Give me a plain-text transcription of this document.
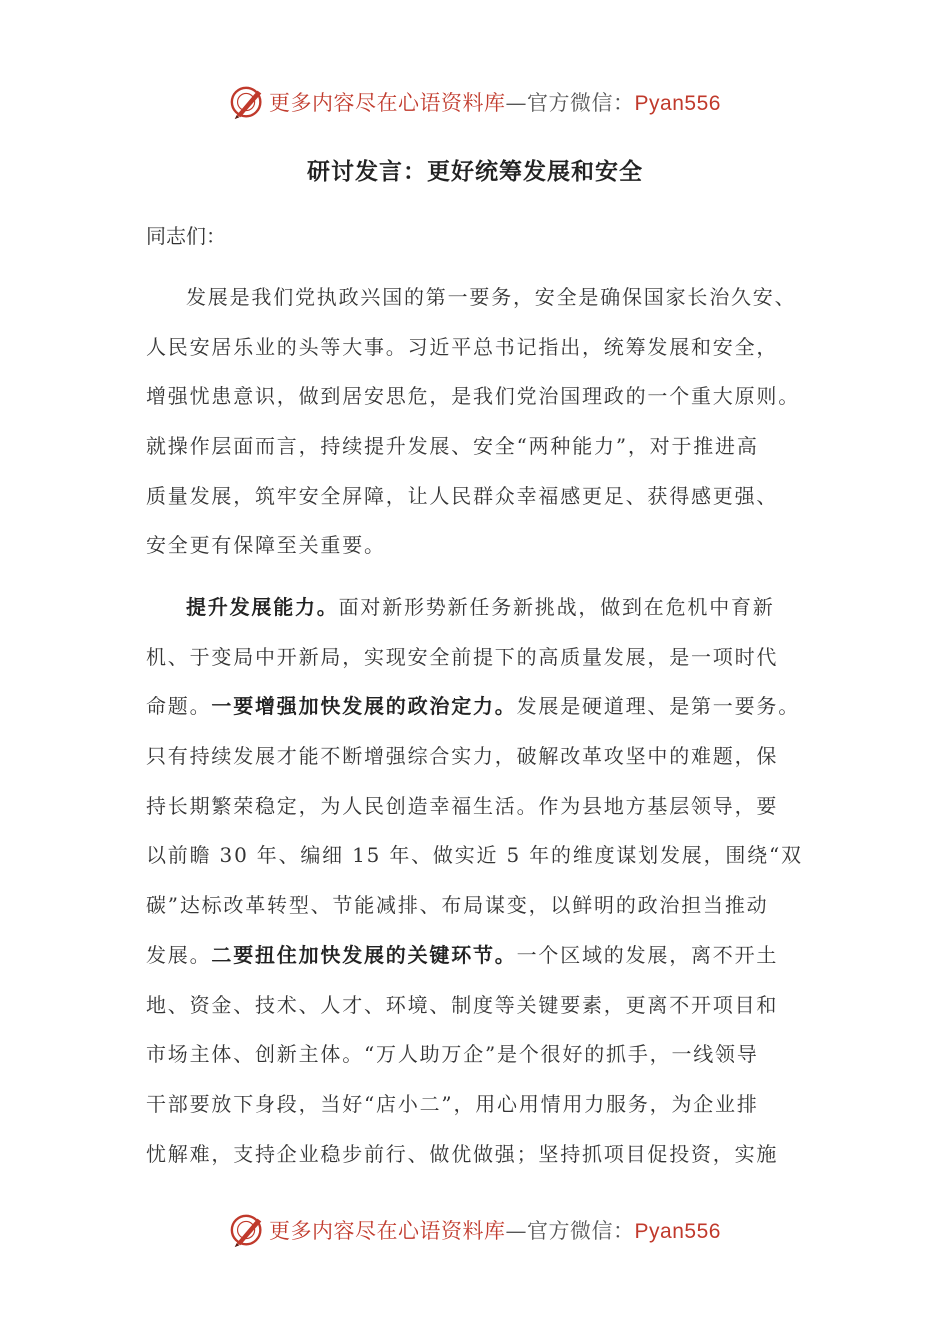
更多内容尽在心语资料库—官方微信：Pyan556
研讨发言：更好统筹发展和安全
同志们：
发展是我们党执政兴国的第一要务，安全是确保国家长治久安、
人民安居乐业的头等大事。习近平总书记指出，统筹发展和安全，
增强忧患意识，做到居安思危，是我们党治国理政的一个重大原则。
就操作层面而言，持续提升发展、安全“两种能力”，对于推进高
质量发展，筑牢安全屏障，让人民群众幸福感更足、获得感更强、
安全更有保障至关重要。
提升发展能力。面对新形势新任务新挑战，做到在危机中育新
机、于变局中开新局，实现安全前提下的高质量发展，是一项时代
命题。一要增强加快发展的政治定力。发展是硬道理、是第一要务。
只有持续发展才能不断增强综合实力，破解改革攻坚中的难题，保
持长期繁荣稳定，为人民创造幸福生活。作为县地方基层领导，要
以前瞻 30 年、编细 15 年、做实近 5 年的维度谋划发展，围绕“双
碳”达标改革转型、节能减排、布局谋变，以鲜明的政治担当推动
发展。二要扭住加快发展的关键环节。一个区域的发展，离不开土
地、资金、技术、人才、环境、制度等关键要素，更离不开项目和
市场主体、创新主体。“万人助万企”是个很好的抓手，一线领导
干部要放下身段，当好“店小二”，用心用情用力服务，为企业排
忧解难，支持企业稳步前行、做优做强；坚持抓项目促投资，实施
更多内容尽在心语资料库—官方微信：Pyan556
